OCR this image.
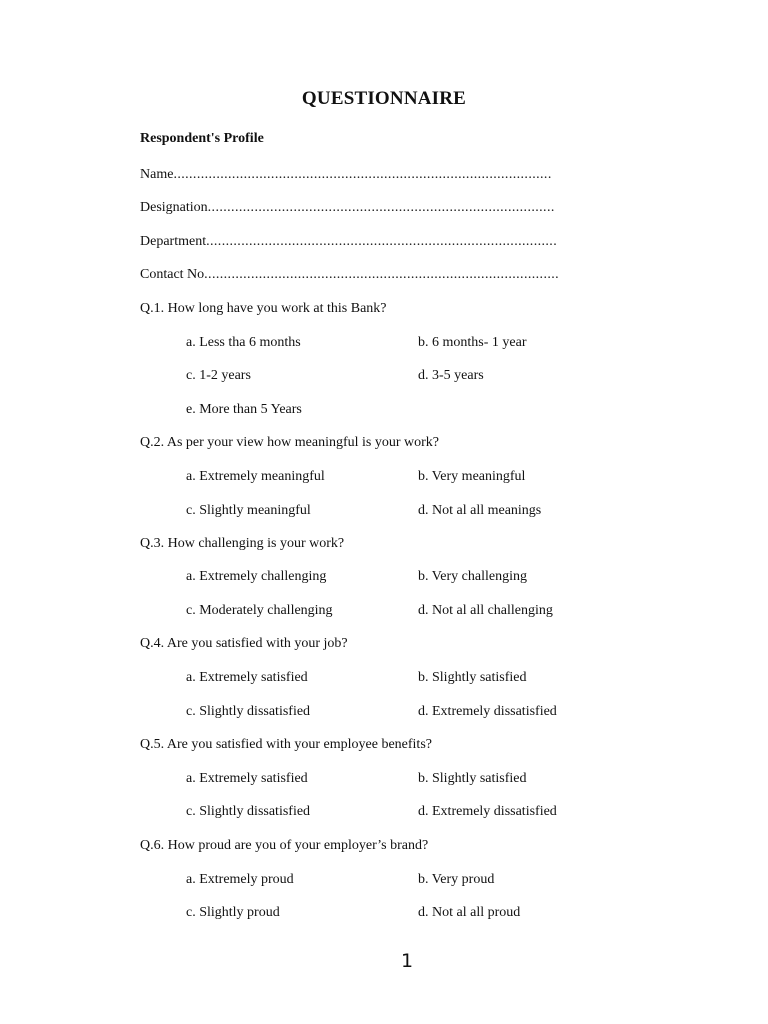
QUESTIONNAIRE
Respondent's Profile
Name.................................................................................................
Designation.........................................................................................
Department..........................................................................................
Contact No...........................................................................................
Q.1. How long have you work at this Bank?
a. Less tha 6 months	b. 6 months- 1 year
c. 1-2 years	d. 3-5 years
e. More than 5 Years
Q.2. As per your view how meaningful is your work?
a. Extremely meaningful	b. Very meaningful
c. Slightly meaningful	d. Not al all meanings
Q.3. How challenging is your work?
a. Extremely challenging	b. Very challenging
c. Moderately challenging	d. Not al all challenging
Q.4. Are you satisfied with your job?
a. Extremely satisfied	b. Slightly satisfied
c. Slightly dissatisfied	d. Extremely dissatisfied
Q.5. Are you satisfied with your employee benefits?
a. Extremely satisfied	b. Slightly satisfied
c. Slightly dissatisfied	d. Extremely dissatisfied
Q.6. How proud are you of your employer’s brand?
a. Extremely proud	b. Very proud
c. Slightly proud	d. Not al all proud
1
